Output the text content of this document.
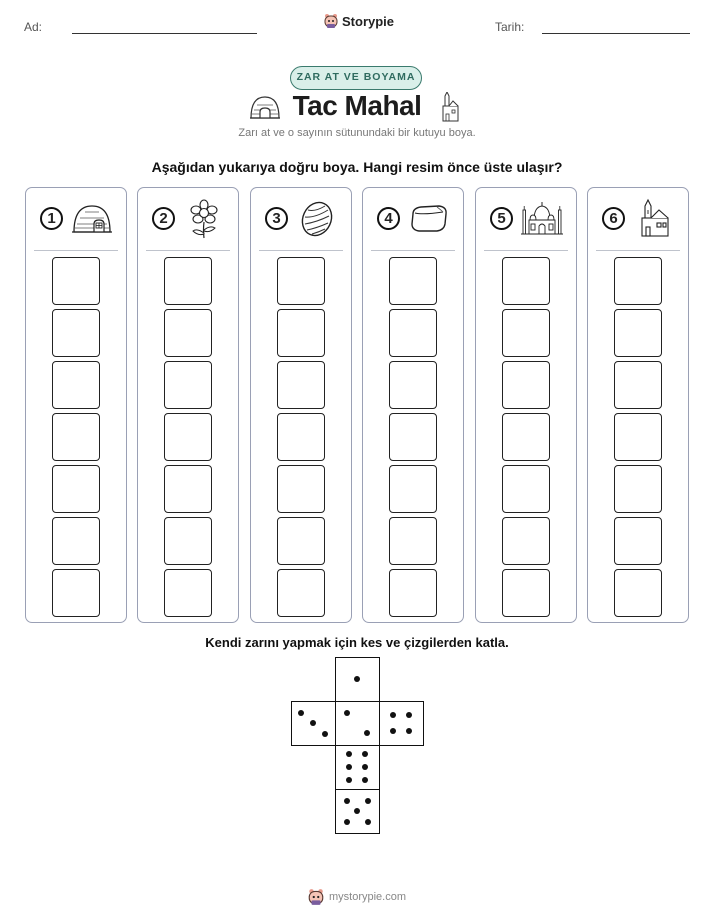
Ad:	Storypie	Tarih:
ZAR AT VE BOYAMA
Tac Mahal
Zarı at ve o sayının sütunundaki bir kutuyu boya.
Aşağıdan yukarıya doğru boya. Hangi resim önce üste ulaşır?
1	2	3	4	5	6
Kendi zarını yapmak için kes ve çizgilerden katla.
mystorypie.com
